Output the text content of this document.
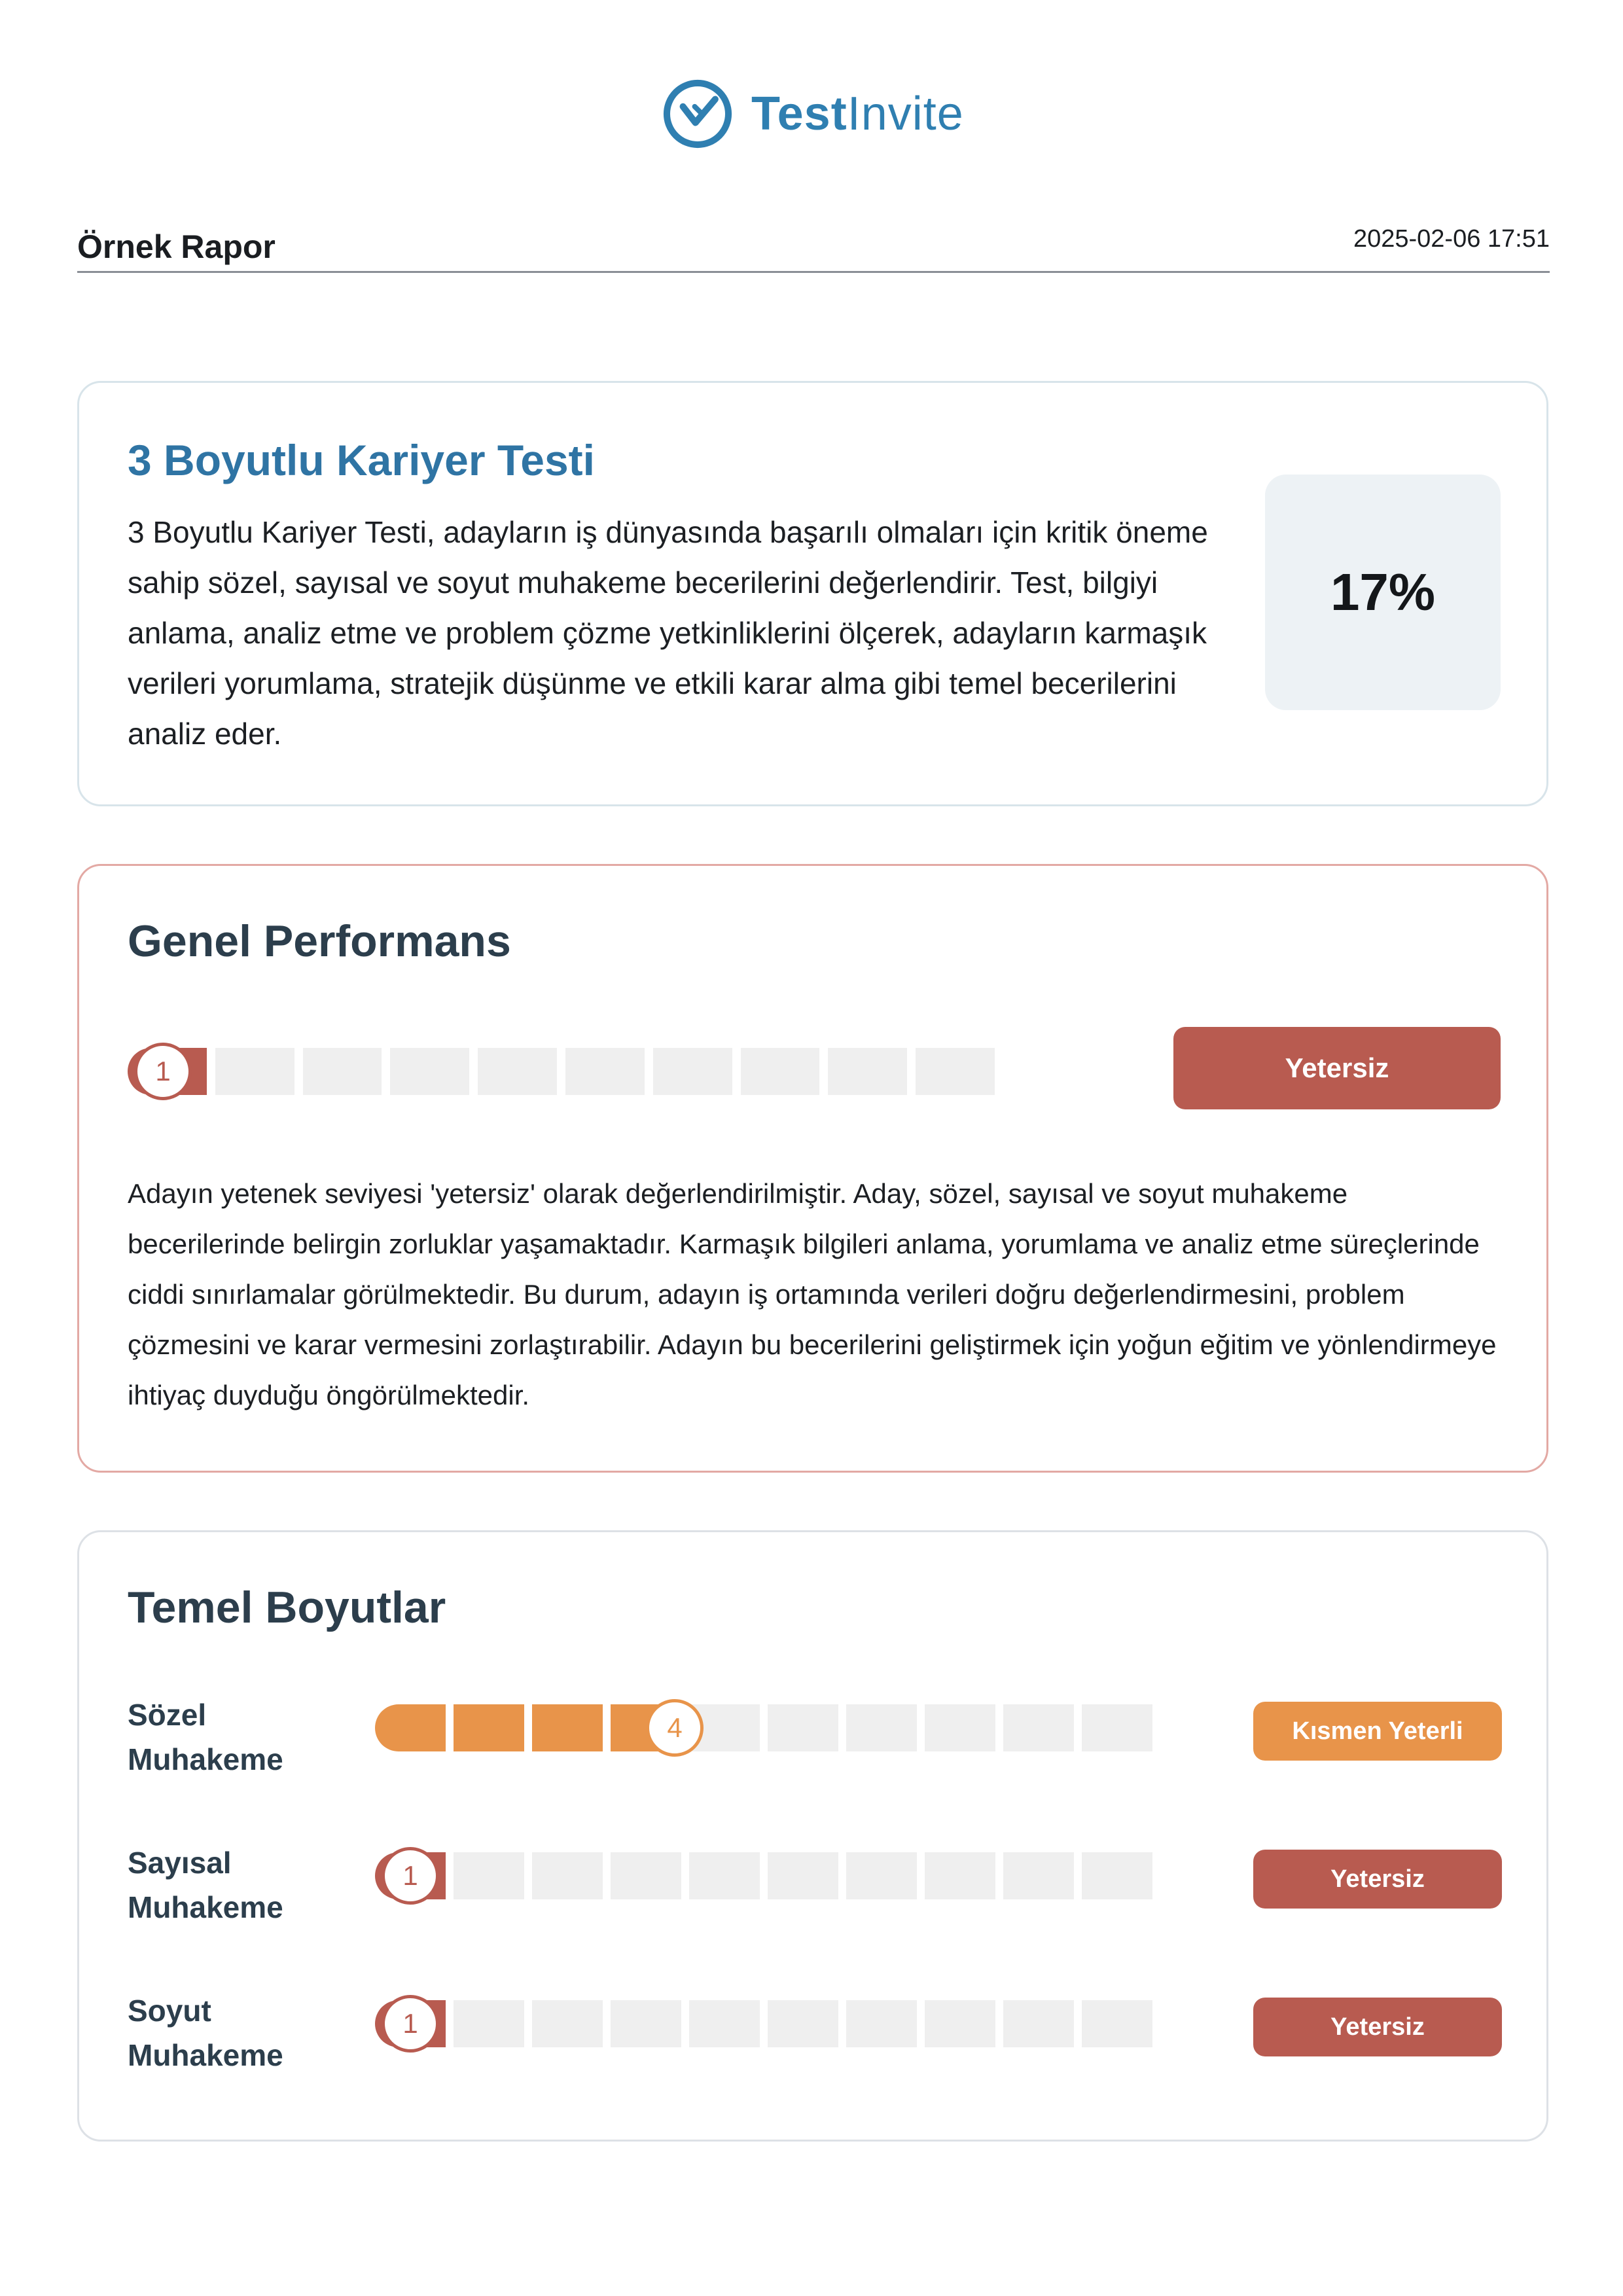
TestInvite
Örnek Rapor	2025-02-06 17:51
3 Boyutlu Kariyer Testi

3 Boyutlu Kariyer Testi, adayların iş dünyasında başarılı olmaları için kritik öneme sahip sözel, sayısal ve soyut muhakeme becerilerini değerlendirir. Test, bilgiyi anlama, analiz etme ve problem çözme yetkinliklerini ölçerek, adayların karmaşık verileri yorumlama, stratejik düşünme ve etkili karar alma gibi temel becerilerini analiz eder.

17%
Genel Performans
1	Yetersiz

Adayın yetenek seviyesi 'yetersiz' olarak değerlendirilmiştir. Aday, sözel, sayısal ve soyut muhakeme becerilerinde belirgin zorluklar yaşamaktadır. Karmaşık bilgileri anlama, yorumlama ve analiz etme süreçlerinde ciddi sınırlamalar görülmektedir. Bu durum, adayın iş ortamında verileri doğru değerlendirmesini, problem çözmesini ve karar vermesini zorlaştırabilir. Adayın bu becerilerini geliştirmek için yoğun eğitim ve yönlendirmeye ihtiyaç duyduğu öngörülmektedir.

Temel Boyutlar
Sözel
Muhakeme
4	Kısmen Yeterli
Sayısal
Muhakeme
1	Yetersiz
Soyut
Muhakeme
1	Yetersiz
